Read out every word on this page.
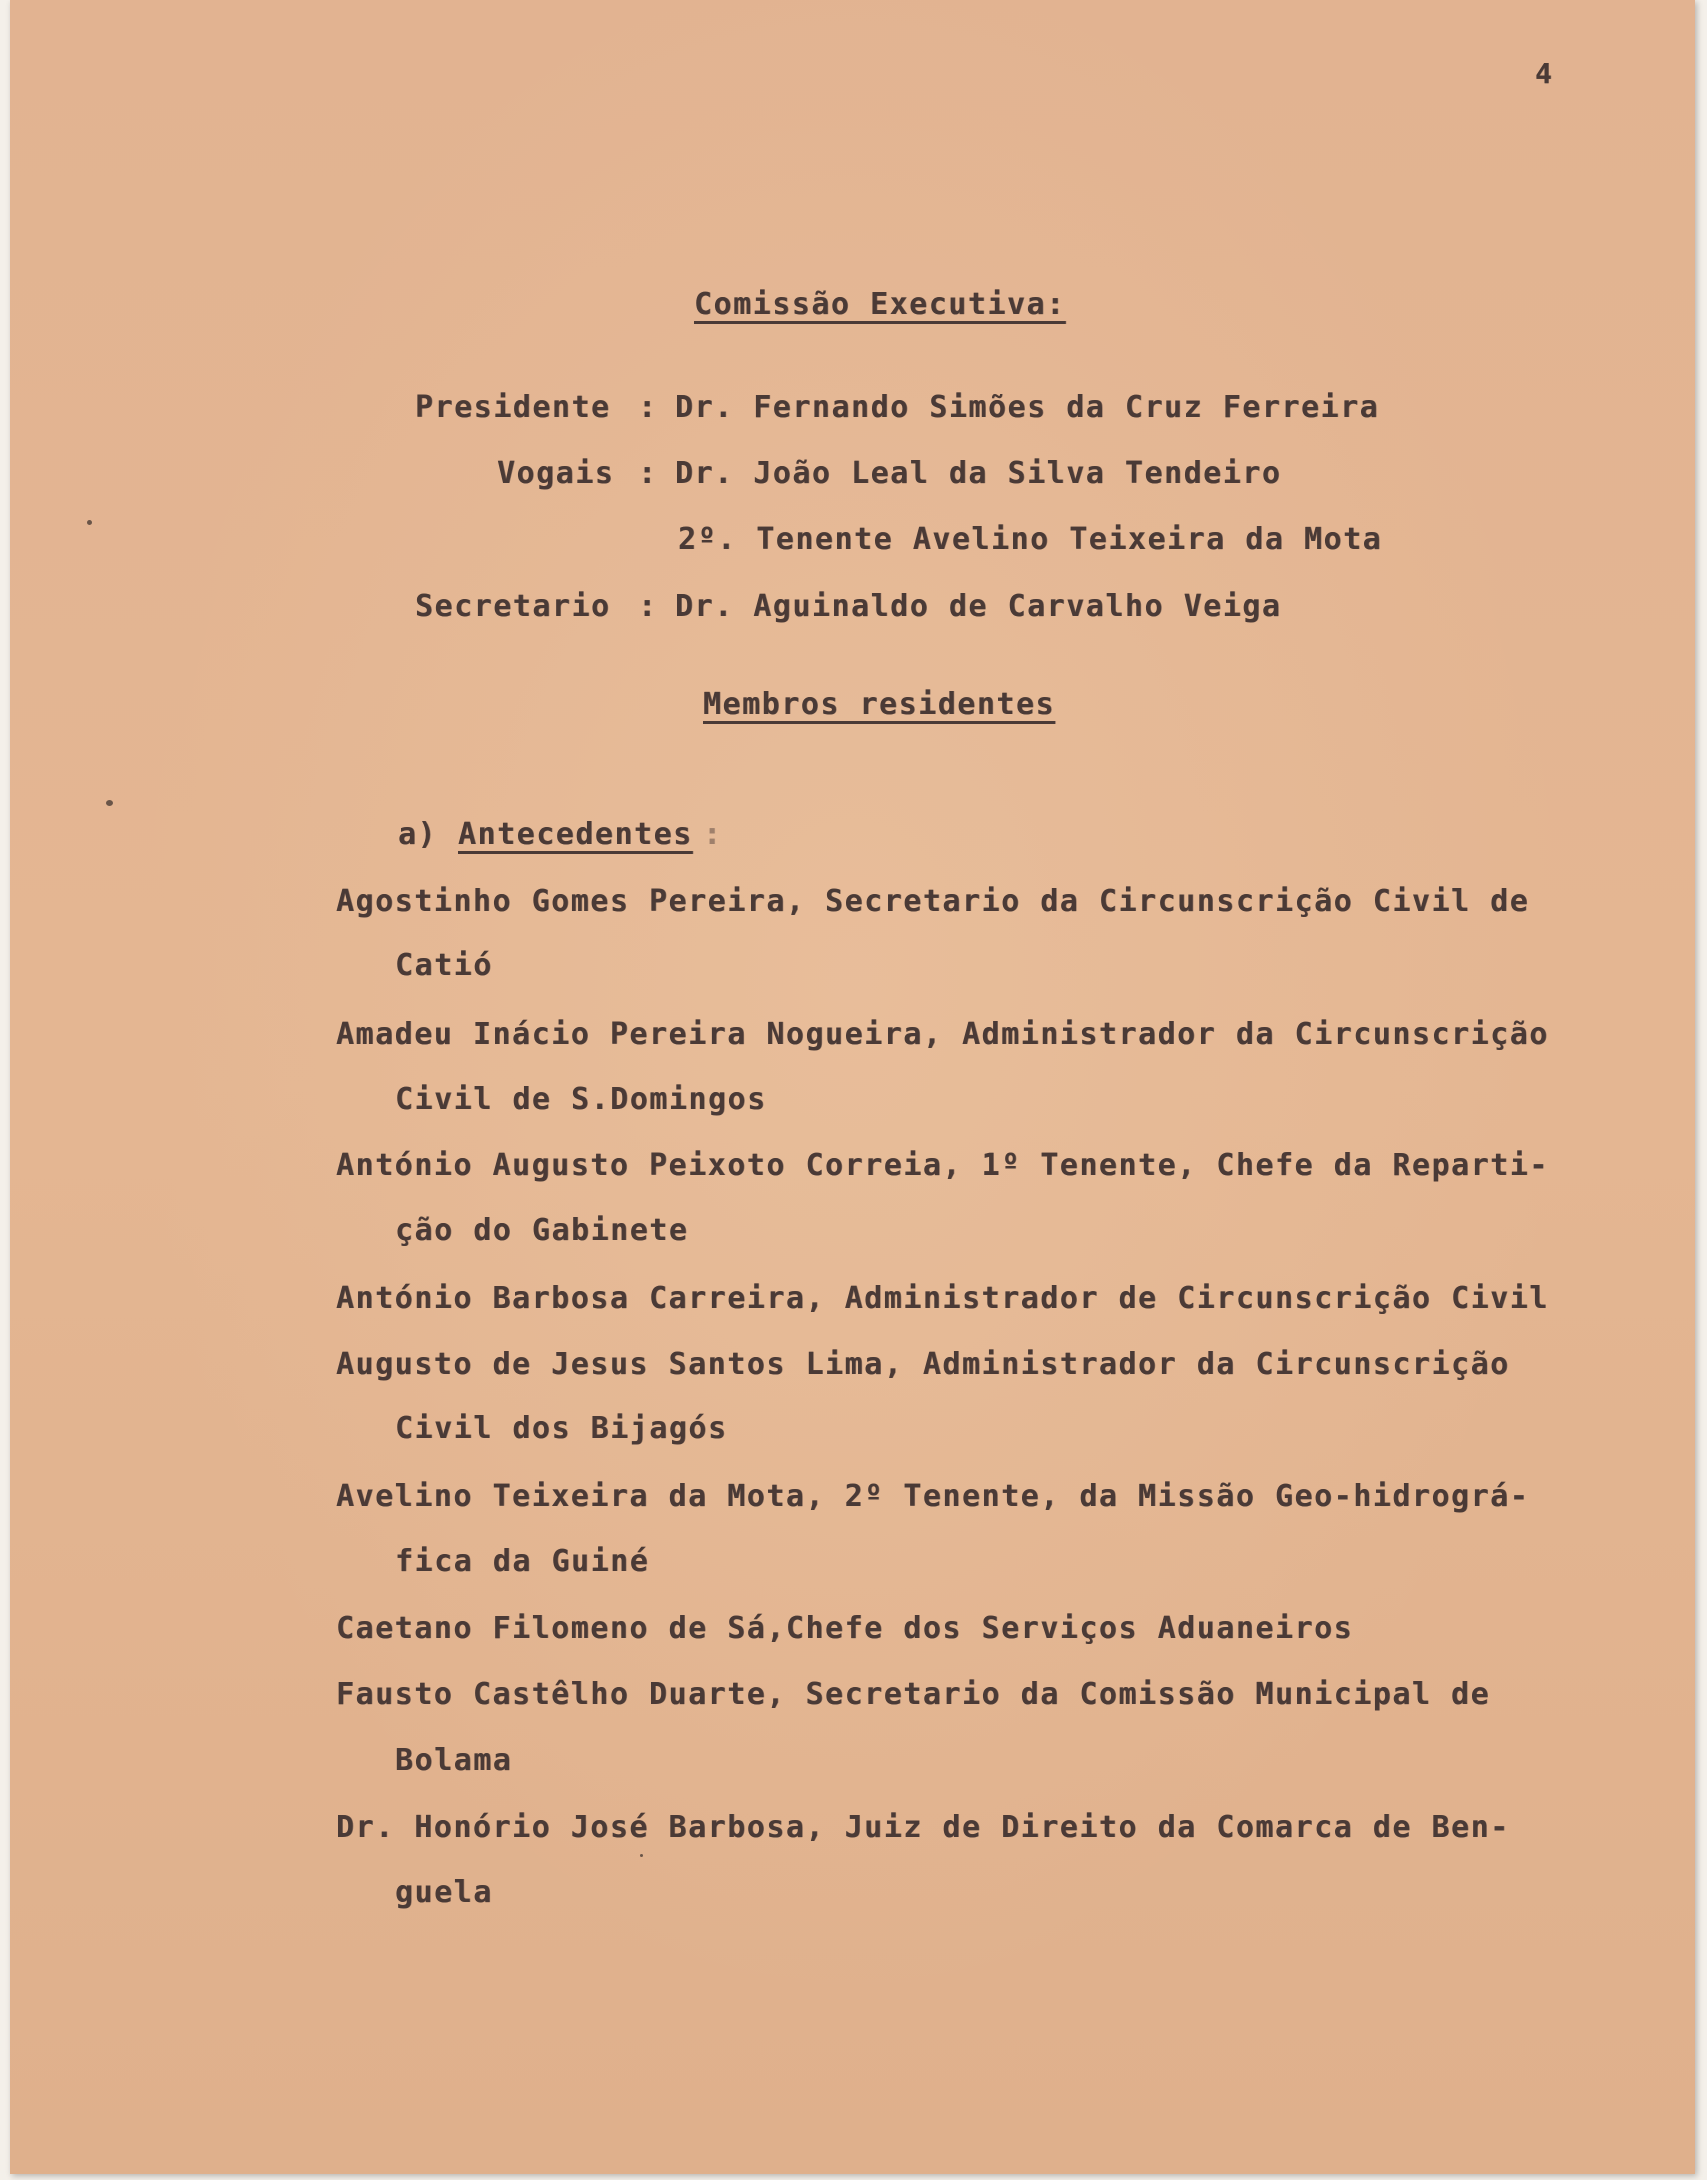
4
Comissão Executiva:
Presidente : Dr. Fernando Simões da Cruz Ferreira
Vogais : Dr. João Leal da Silva Tendeiro
2º. Tenente Avelino Teixeira da Mota
Secretario : Dr. Aguinaldo de Carvalho Veiga
Membros residentes
a) Antecedentes :
Agostinho Gomes Pereira, Secretario da Circunscrição Civil de
Catió
Amadeu Inácio Pereira Nogueira, Administrador da Circunscrição
Civil de S.Domingos
António Augusto Peixoto Correia, 1º Tenente, Chefe da Reparti-
ção do Gabinete
António Barbosa Carreira, Administrador de Circunscrição Civil
Augusto de Jesus Santos Lima, Administrador da Circunscrição
Civil dos Bijagós
Avelino Teixeira da Mota, 2º Tenente, da Missão Geo-hidrográ-
fica da Guiné
Caetano Filomeno de Sá,Chefe dos Serviços Aduaneiros
Fausto Castêlho Duarte, Secretario da Comissão Municipal de
Bolama
Dr. Honório José Barbosa, Juiz de Direito da Comarca de Ben-
guela
